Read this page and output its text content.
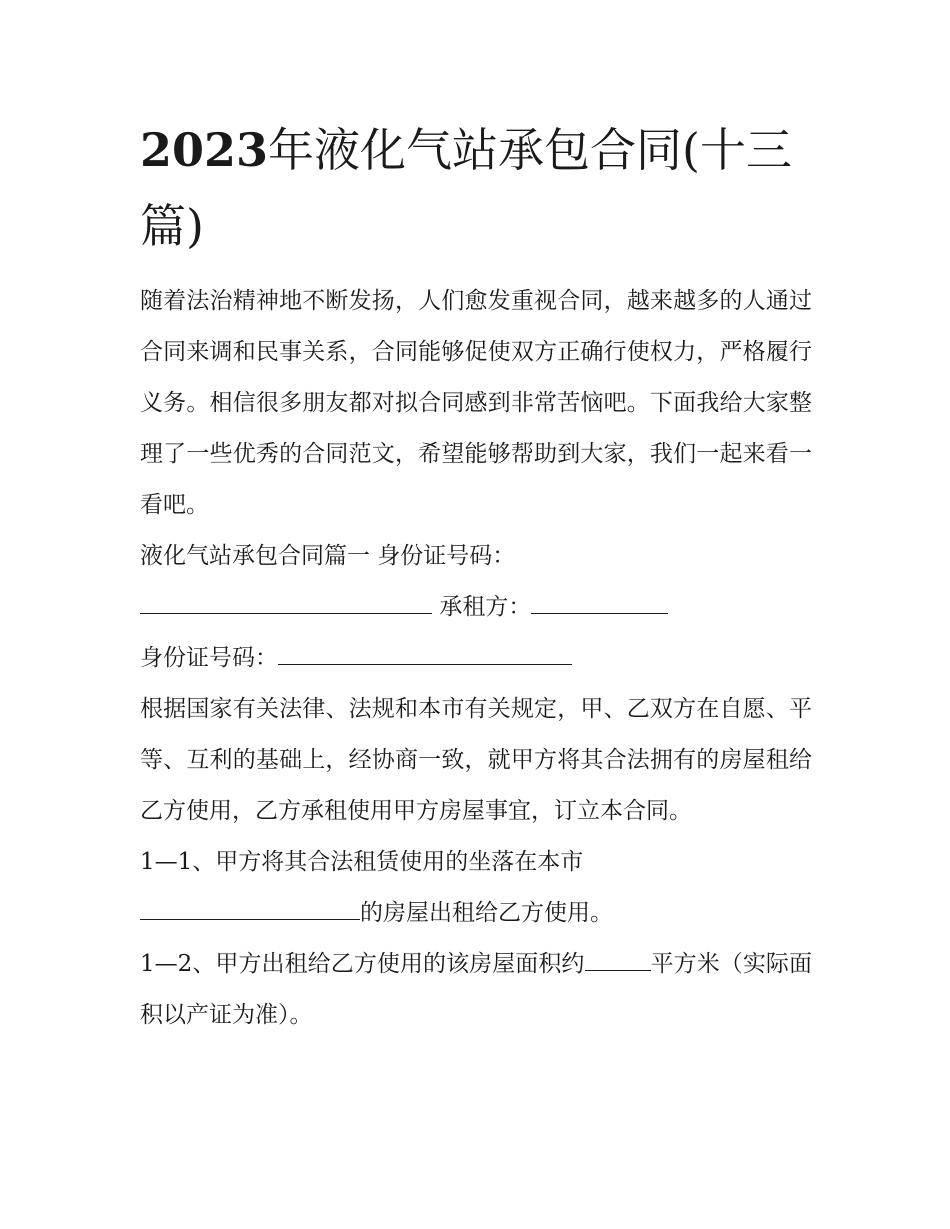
2023年液化气站承包合同(十三篇)

随着法治精神地不断发扬，人们愈发重视合同，越来越多的人通过合同来调和民事关系，合同能够促使双方正确行使权力，严格履行义务。相信很多朋友都对拟合同感到非常苦恼吧。下面我给大家整理了一些优秀的合同范文，希望能够帮助到大家，我们一起来看一看吧。

液化气站承包合同篇一 身份证号码：

承租方：

身份证号码：

根据国家有关法律、法规和本市有关规定，甲、乙双方在自愿、平等、互利的基础上，经协商一致，就甲方将其合法拥有的房屋租给乙方使用，乙方承租使用甲方房屋事宜，订立本合同。

1—1、甲方将其合法租赁使用的坐落在本市
的房屋出租给乙方使用。

1—2、甲方出租给乙方使用的该房屋面积约	平方米（实际面积以产证为准）。
